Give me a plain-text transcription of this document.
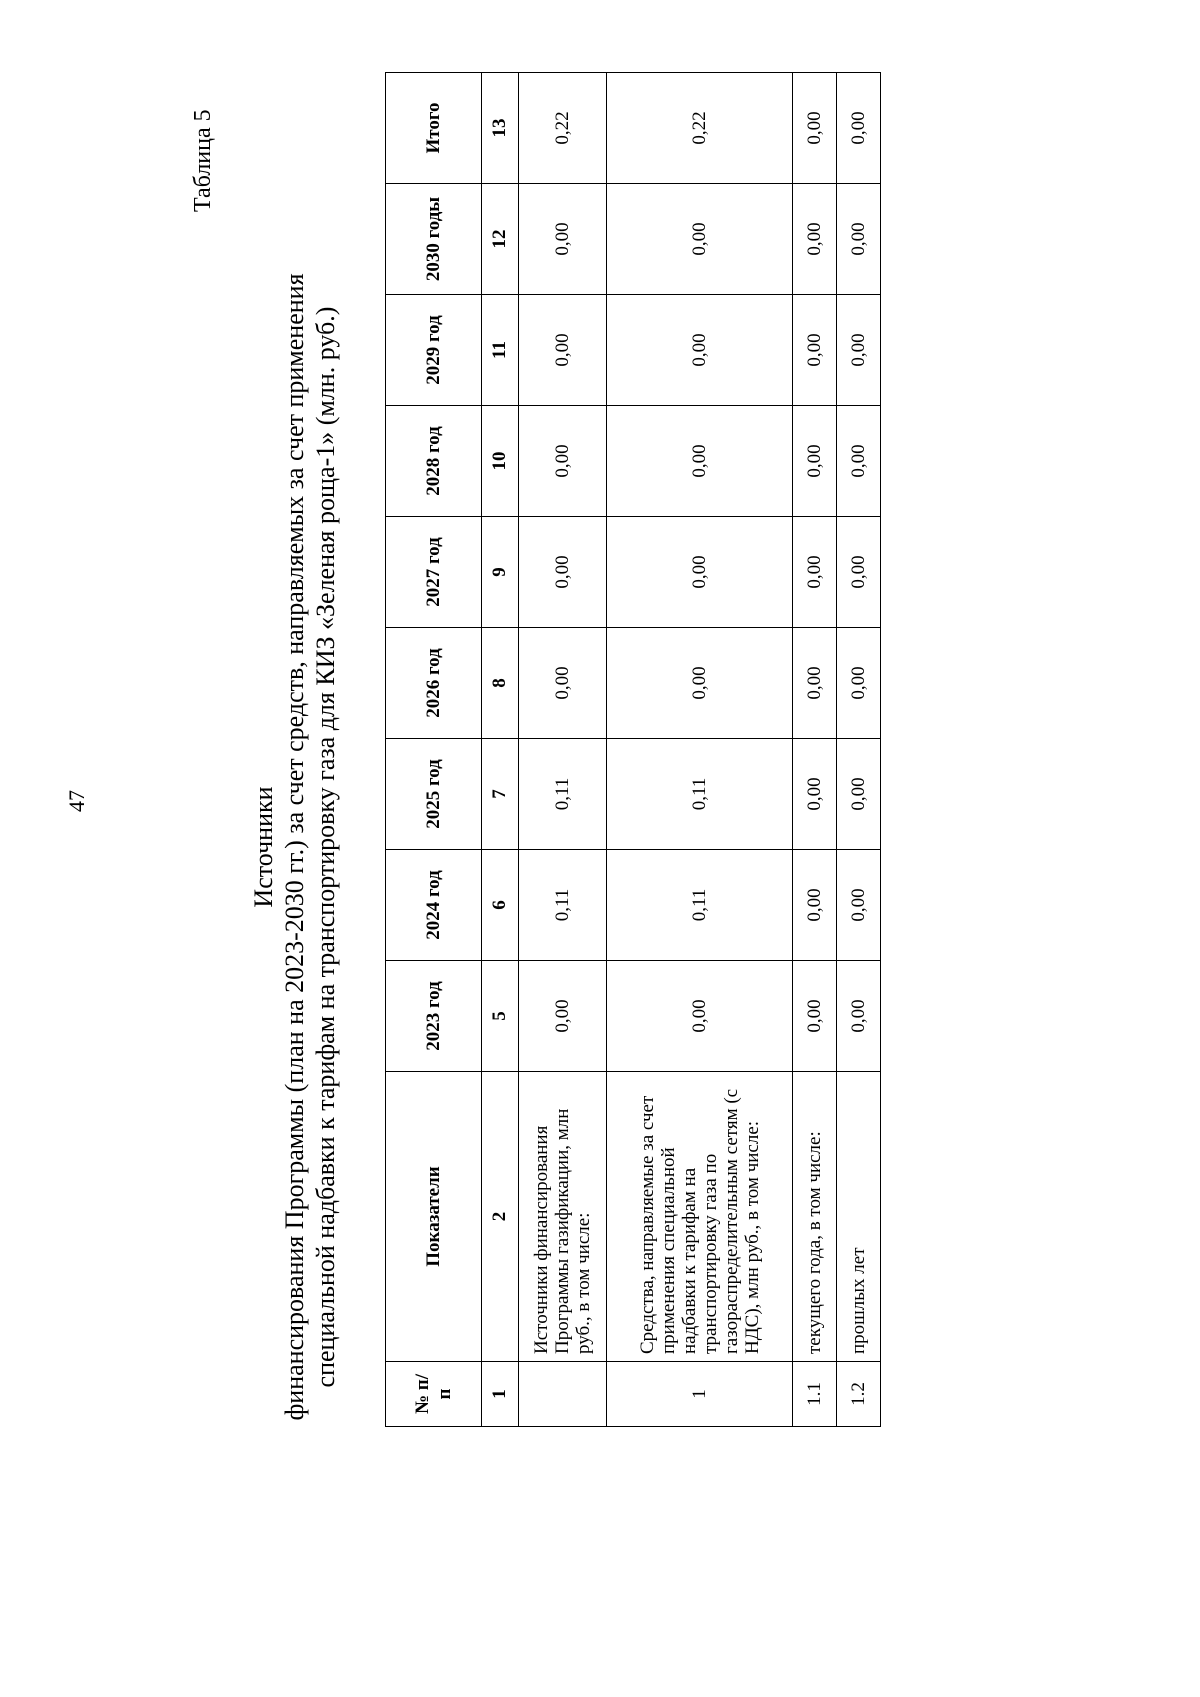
47
Таблица 5
Источники финансирования Программы (план на 2023-2030 гг.) за счет средств, направляемых за счет применения специальной надбавки к тарифам на транспортировку газа для КИЗ «Зеленая роща-1» (млн. руб.)
№ п/п	Показатели	2023 год	2024 год	2025 год	2026 год	2027 год	2028 год	2029 год	2030 годы	Итого
1	2	5	6	7	8	9	10	11	12	13
	Источники финансирования Программы газификации, млн руб., в том числе:	0,00	0,11	0,11	0,00	0,00	0,00	0,00	0,00	0,22
1	Средства, направляемые за счет применения специальной надбавки к тарифам на транспортировку газа по газораспределительным сетям (с НДС), млн руб., в том числе:	0,00	0,11	0,11	0,00	0,00	0,00	0,00	0,00	0,22
1.1	текущего года, в том числе:	0,00	0,00	0,00	0,00	0,00	0,00	0,00	0,00	0,00
1.2	прошлых лет	0,00	0,00	0,00	0,00	0,00	0,00	0,00	0,00	0,00
